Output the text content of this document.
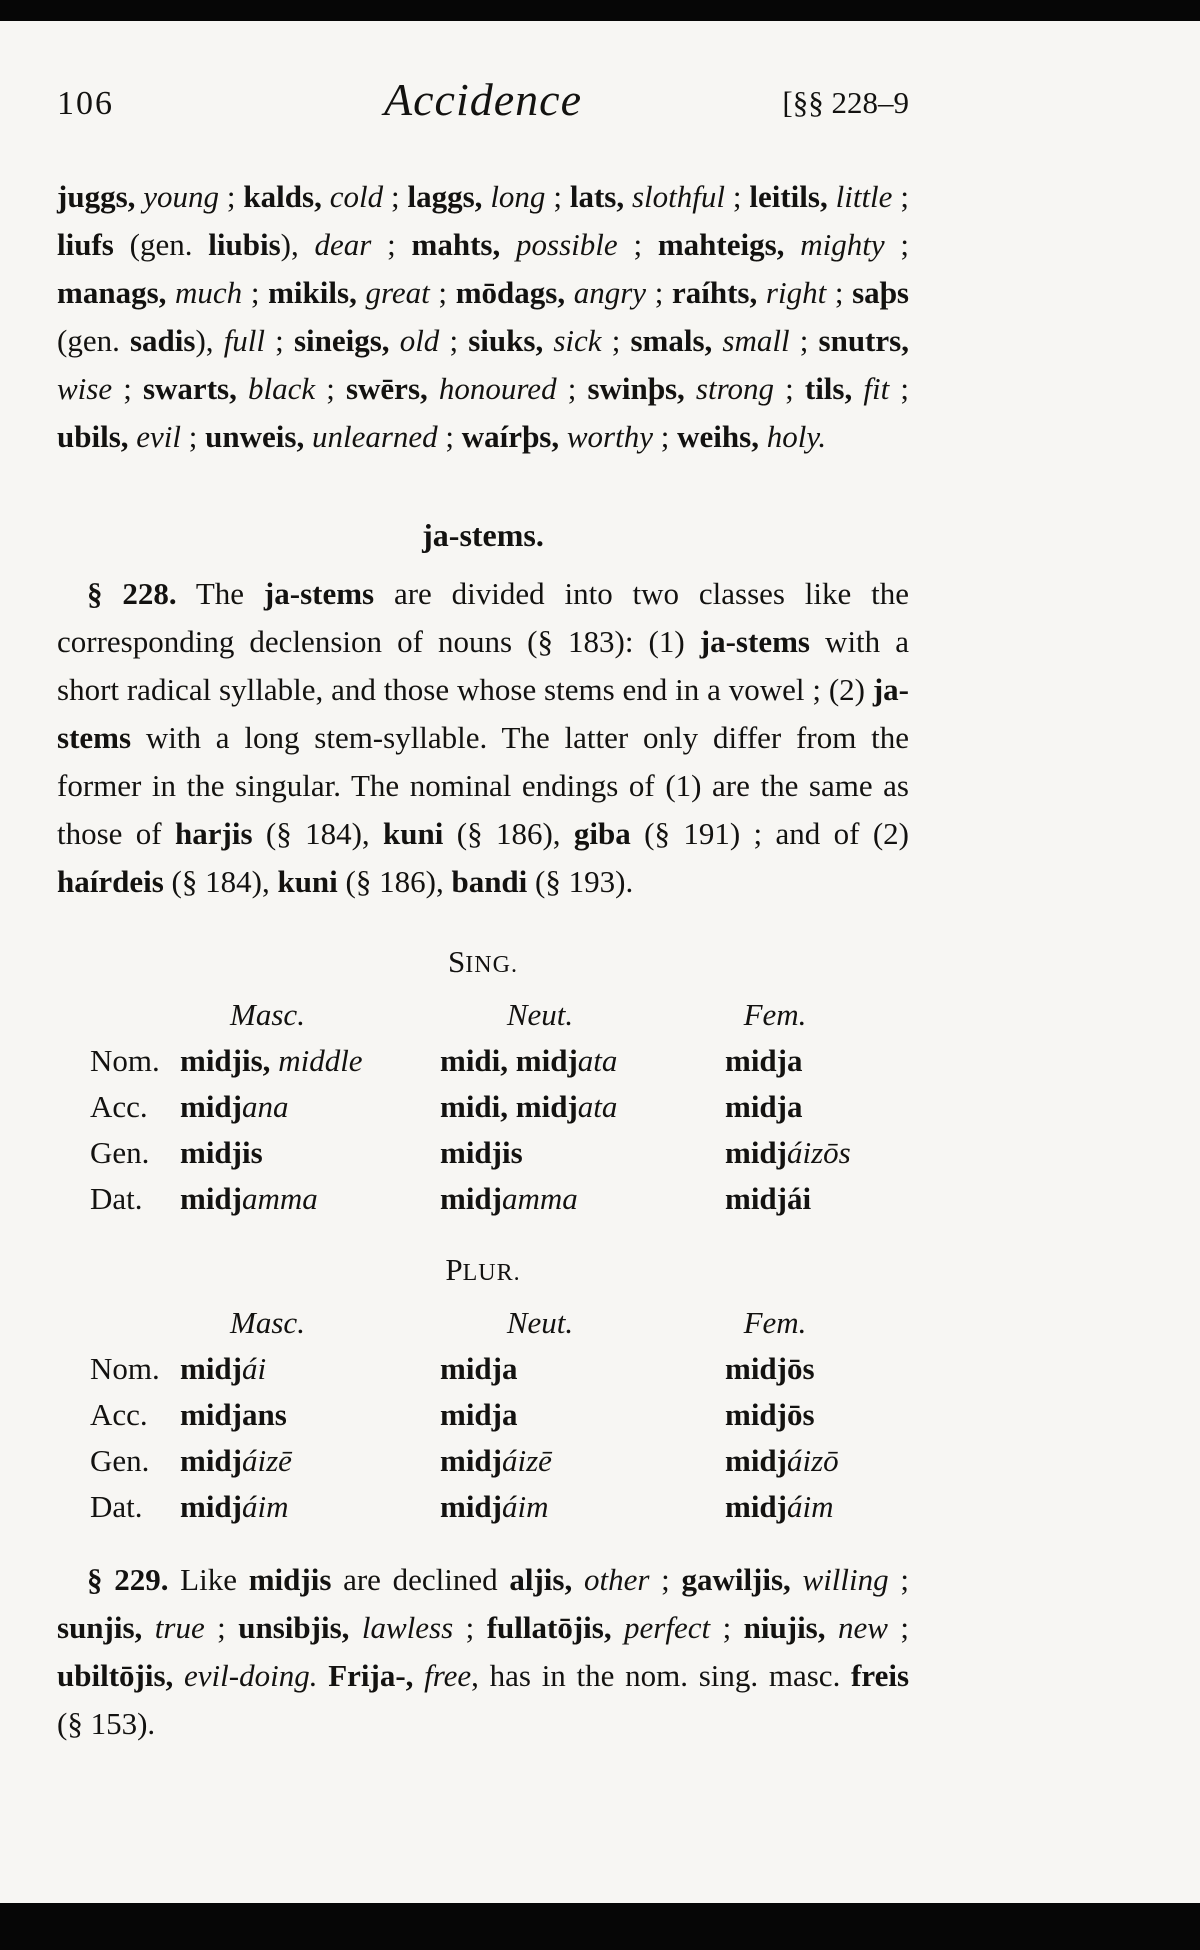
106	Accidence	[§§ 228–9

juggs, young ; kalds, cold ; laggs, long ; lats, slothful ; leitils, little ; liufs (gen. liubis), dear ; mahts, possible ; mahteigs, mighty ; manags, much ; mikils, great ; mōdags, angry ; raíhts, right ; saþs (gen. sadis), full ; sineigs, old ; siuks, sick ; smals, small ; snutrs, wise ; swarts, black ; swērs, honoured ; swinþs, strong ; tils, fit ; ubils, evil ; unweis, unlearned ; waírþs, worthy ; weihs, holy.

ja-stems.

§ 228. The ja-stems are divided into two classes like the corresponding declension of nouns (§ 183): (1) ja-stems with a short radical syllable, and those whose stems end in a vowel ; (2) ja-stems with a long stem-syllable. The latter only differ from the former in the singular. The nominal endings of (1) are the same as those of harjis (§ 184), kuni (§ 186), giba (§ 191) ; and of (2) haírdeis (§ 184), kuni (§ 186), bandi (§ 193).

SING.
Masc.	Neut.	Fem.
Nom. midjis, middle	midi, midjata	midja
Acc.	midjana	midi, midjata	midja
Gen. midjis	midjis	midjáizōs
Dat.	midjamma	midjamma	midjái
PLUR.
Masc.	Neut.	Fem.
Nom. midjái	midja	midjōs
Acc.	midjans	midja	midjōs
Gen. midjáizē	midjáizē	midjáizō
Dat.	midjáim	midjáim	midjáim

§ 229. Like midjis are declined aljis, other ; gawiljis, willing ; sunjis, true ; unsibjis, lawless ; fullatōjis, perfect ; niujis, new ; ubiltōjis, evil-doing. Frija-, free, has in the nom. sing. masc. freis (§ 153).
